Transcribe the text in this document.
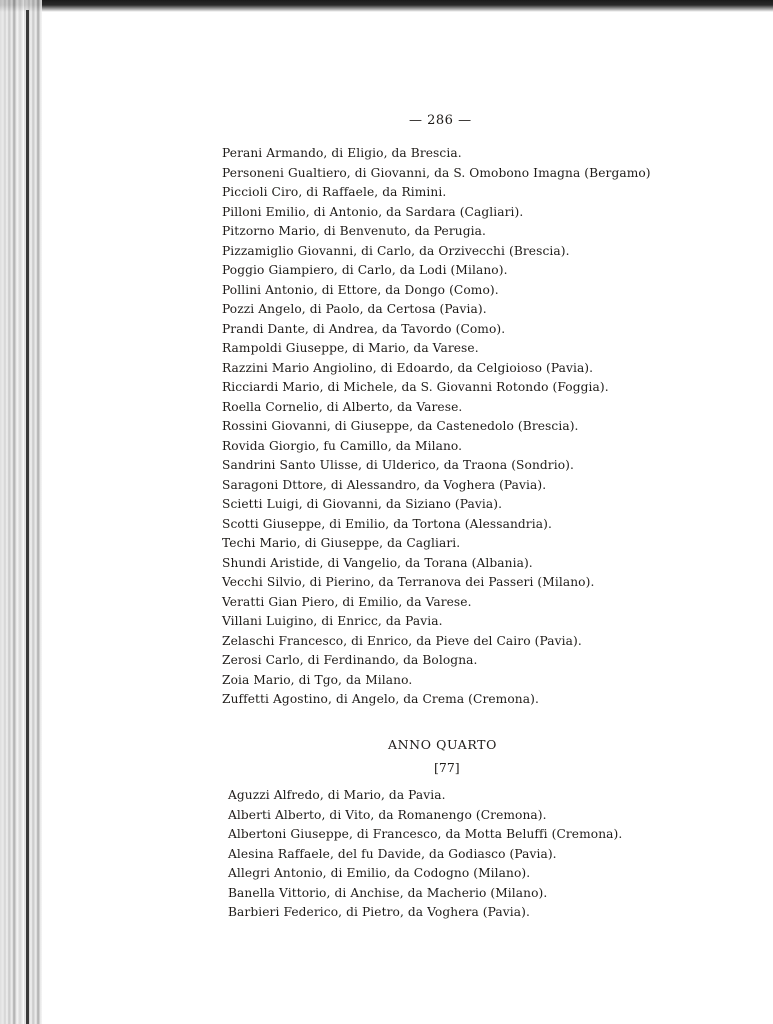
— 286 —
Perani Armando, di Eligio, da Brescia.
Personeni Gualtiero, di Giovanni, da S. Omobono Imagna (Bergamo)
Piccioli Ciro, di Raffaele, da Rimini.
Pilloni Emilio, di Antonio, da Sardara (Cagliari).
Pitzorno Mario, di Benvenuto, da Perugia.
Pizzamiglio Giovanni, di Carlo, da Orzivecchi (Brescia).
Poggio Giampiero, di Carlo, da Lodi (Milano).
Pollini Antonio, di Ettore, da Dongo (Como).
Pozzi Angelo, di Paolo, da Certosa (Pavia).
Prandi Dante, di Andrea, da Tavordo (Como).
Rampoldi Giuseppe, di Mario, da Varese.
Razzini Mario Angiolino, di Edoardo, da Celgioioso (Pavia).
Ricciardi Mario, di Michele, da S. Giovanni Rotondo (Foggia).
Roella Cornelio, di Alberto, da Varese.
Rossini Giovanni, di Giuseppe, da Castenedolo (Brescia).
Rovida Giorgio, fu Camillo, da Milano.
Sandrini Santo Ulisse, di Ulderico, da Traona (Sondrio).
Saragoni Dttore, di Alessandro, da Voghera (Pavia).
Scietti Luigi, di Giovanni, da Siziano (Pavia).
Scotti Giuseppe, di Emilio, da Tortona (Alessandria).
Techi Mario, di Giuseppe, da Cagliari.
Shundi Aristide, di Vangelio, da Torana (Albania).
Vecchi Silvio, di Pierino, da Terranova dei Passeri (Milano).
Veratti Gian Piero, di Emilio, da Varese.
Villani Luigino, di Enricc, da Pavia.
Zelaschi Francesco, di Enrico, da Pieve del Cairo (Pavia).
Zerosi Carlo, di Ferdinando, da Bologna.
Zoia Mario, di Tgo, da Milano.
Zuffetti Agostino, di Angelo, da Crema (Cremona).
ANNO QUARTO
[77]
Aguzzi Alfredo, di Mario, da Pavia.
Alberti Alberto, di Vito, da Romanengo (Cremona).
Albertoni Giuseppe, di Francesco, da Motta Beluffi (Cremona).
Alesina Raffaele, del fu Davide, da Godiasco (Pavia).
Allegri Antonio, di Emilio, da Codogno (Milano).
Banella Vittorio, di Anchise, da Macherio (Milano).
Barbieri Federico, di Pietro, da Voghera (Pavia).
